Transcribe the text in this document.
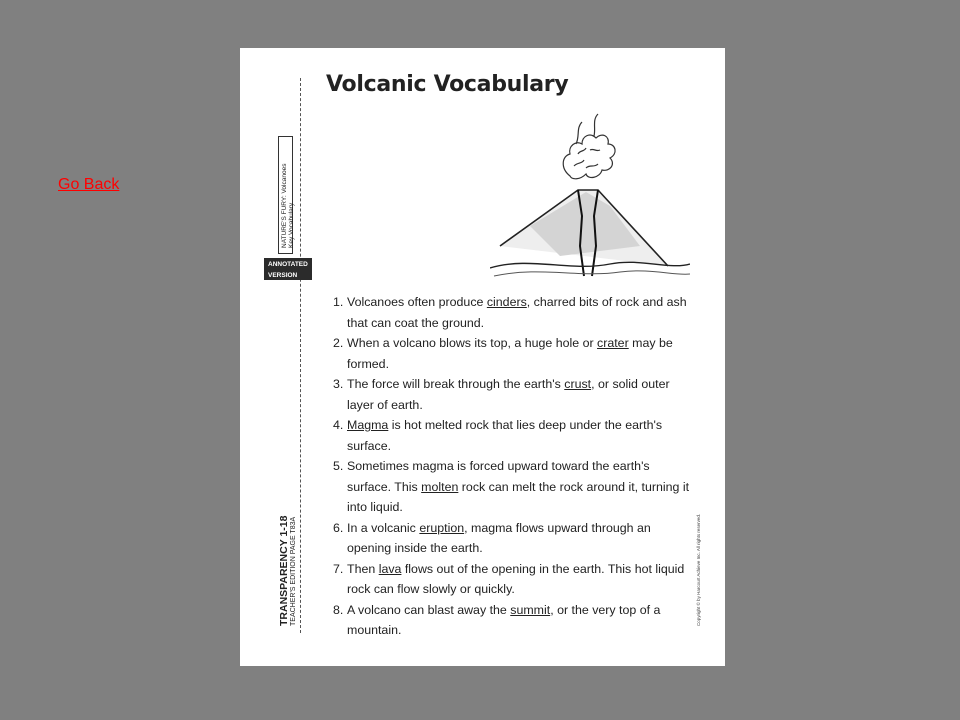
Go Back
Volcanic Vocabulary
NATURE'S FURY: Volcanoes Key Vocabulary
ANNOTATED
VERSION
TRANSPARENCY 1-18 TEACHER'S EDITION PAGE T83A	Copyright © by Harcourt Achieve Inc. All rights reserved.
1. Volcanoes often produce cinders, charred bits of rock and ash that can coat the ground.
2. When a volcano blows its top, a huge hole or crater may be formed.
3. The force will break through the earth's crust, or solid outer layer of earth.
4. Magma is hot melted rock that lies deep under the earth's surface.
5. Sometimes magma is forced upward toward the earth's surface. This molten rock can melt the rock around it, turning it into liquid.
6. In a volcanic eruption, magma flows upward through an opening inside the earth.
7. Then lava flows out of the opening in the earth. This hot liquid rock can flow slowly or quickly.
8. A volcano can blast away the summit, or the very top of a mountain.
